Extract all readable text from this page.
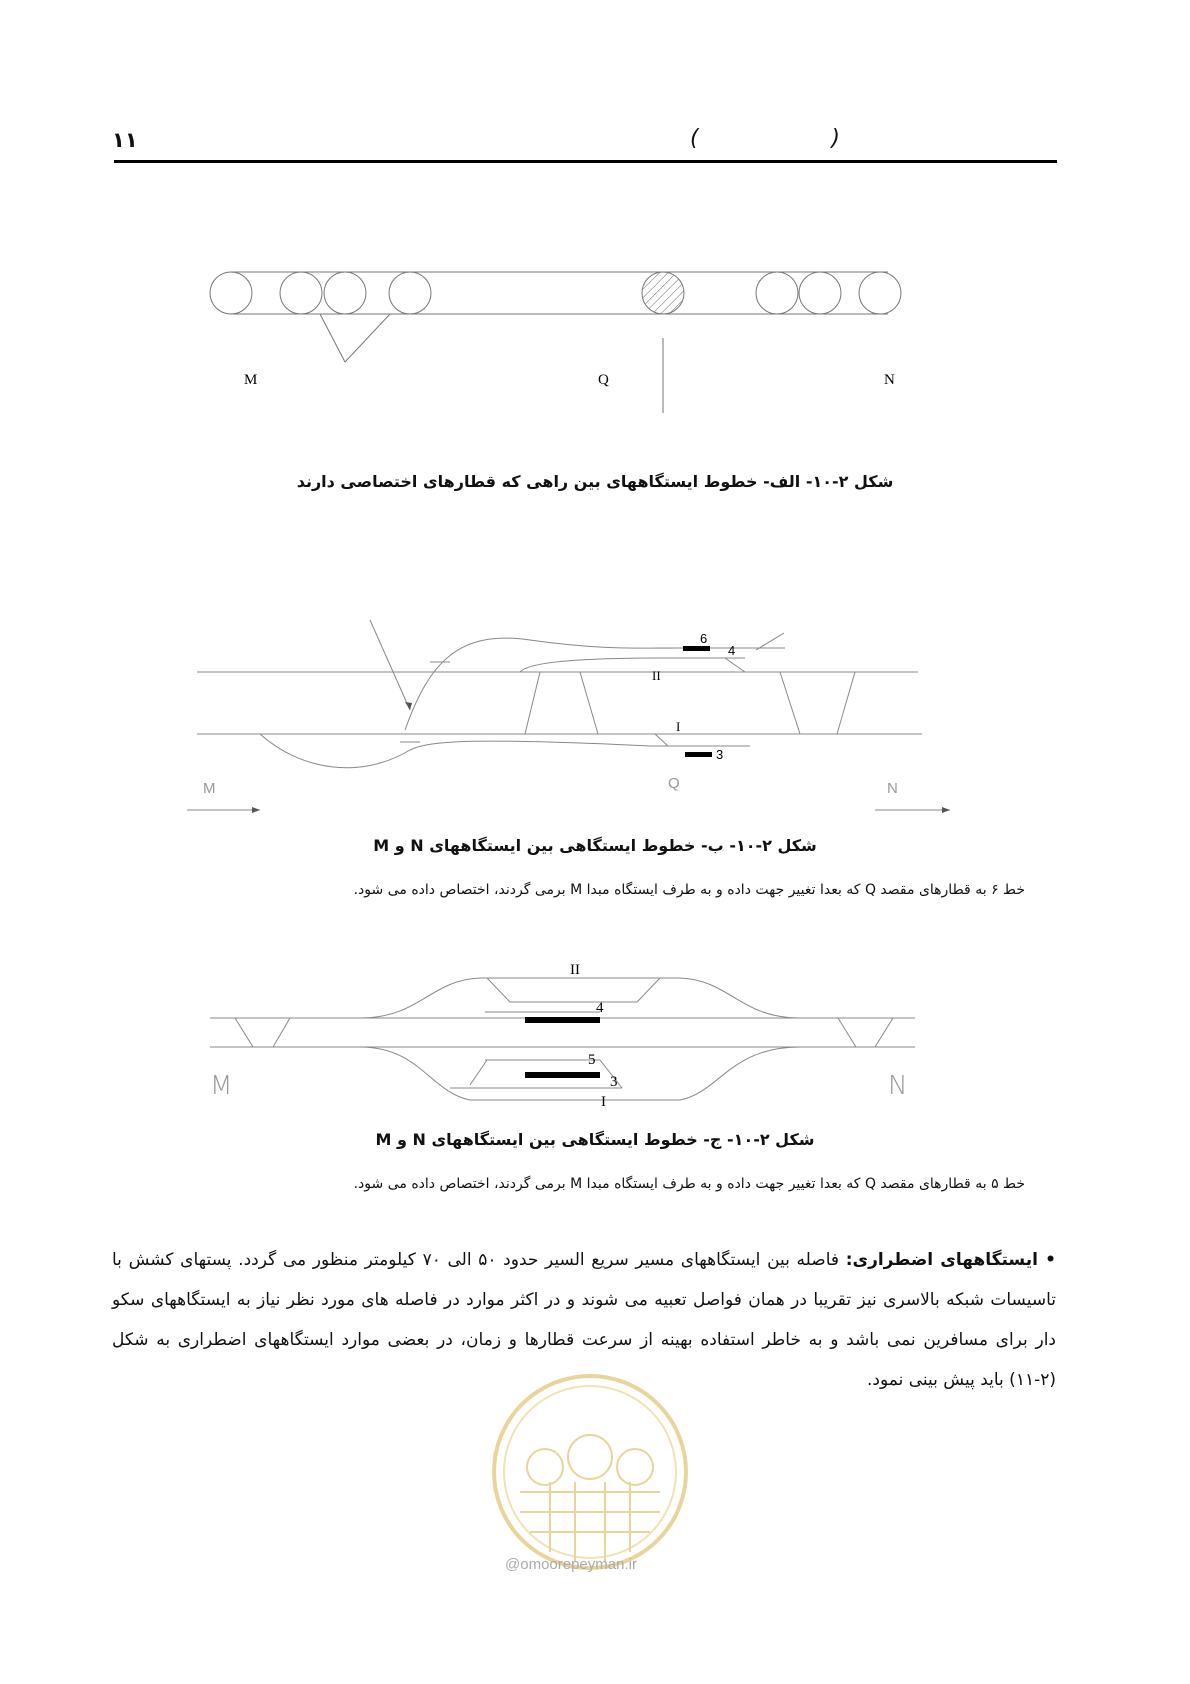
۱۱	(	)
M	Q	N
شکل ۲-۱۰- الف- خطوط ایستگاههای بین راهی که قطارهای اختصاصی دارند
6
4
II
I
3
M	Q	N
شکل ۲-۱۰- ب- خطوط ایستگاهی بین ایستگاههای N و M
خط ۶ به قطارهای مقصد Q که بعدا تغییر جهت داده و به طرف ایستگاه مبدا M برمی گردند، اختصاص داده می شود.
II
4
5
3
I
M	N
شکل ۲-۱۰- ج- خطوط ایستگاهی بین ایستگاههای N و M
خط ۵ به قطارهای مقصد Q که بعدا تغییر جهت داده و به طرف ایستگاه مبدا M برمی گردند، اختصاص داده می شود.
• ایستگاههای اضطراری: فاصله بین ایستگاههای مسیر سریع السیر حدود ۵۰ الی ۷۰ کیلومتر منظور می گردد. پستهای کشش با تاسیسات شبکه بالاسری نیز تقریبا در همان فواصل تعبیه می شوند و در اکثر موارد در فاصله های مورد نظر نیاز به ایستگاههای سکو دار برای مسافرین نمی باشد و به خاطر استفاده بهینه از سرعت قطارها و زمان، در بعضی موارد ایستگاههای اضطراری به شکل (۲-۱۱) باید پیش بینی نمود.
@omoorepeyman.ir
